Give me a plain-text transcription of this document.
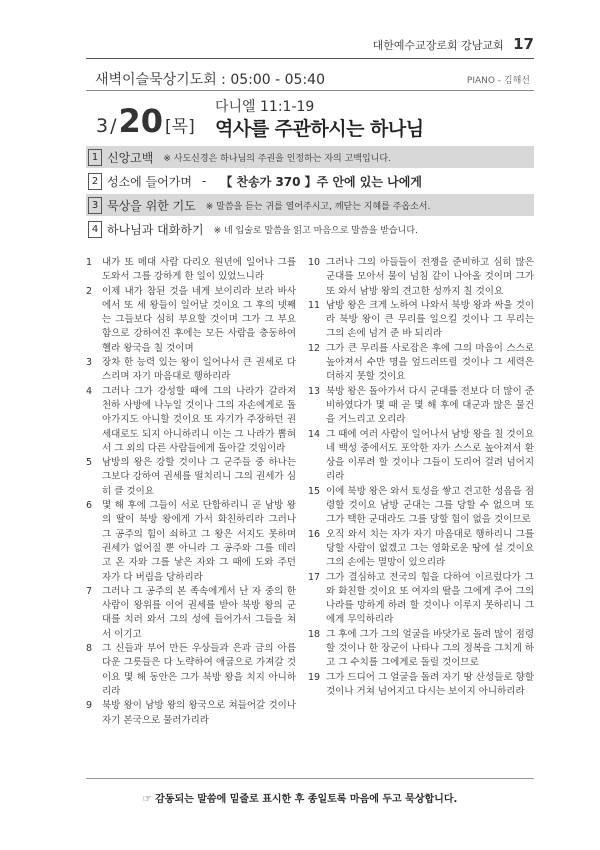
대한예수교장로회 강남교회 17
새벽이슬묵상기도회 : 05:00 - 05:40	PIANO - 김해선
3 / 20 [목]
다니엘 11:1-19
역사를 주관하시는 하나님
1 신앙고백 ※ 사도신경은 하나님의 주권을 인정하는 자의 고백입니다.
2 성소에 들어가며 - 【 찬송가 370 】주 안에 있는 나에게
3 묵상을 위한 기도 ※ 말씀을 듣는 귀를 열어주시고, 깨닫는 지혜를 주옵소서.
4 하나님과 대화하기 ※ 네 입술로 말씀을 읽고 마음으로 말씀을 받습니다.
1	내가 또 메대 사람 다리오 원년에 일어나 그를 도와서 그를 강하게 한 일이 있었느니라
2	이제 내가 참된 것을 네게 보이리라 보라 바사에서 또 세 왕들이 일어날 것이요 그 후의 넷째는 그들보다 심히 부요할 것이며 그가 그 부요함으로 강하여진 후에는 모든 사람을 충동하여 헬라 왕국을 칠 것이며
3	장차 한 능력 있는 왕이 일어나서 큰 권세로 다스리며 자기 마음대로 행하리라
4	그러나 그가 강성할 때에 그의 나라가 갈라져 천하 사방에 나누일 것이나 그의 자손에게로 돌아가지도 아니할 것이요 또 자기가 주장하던 권세대로도 되지 아니하리니 이는 그 나라가 뽑혀서 그 외의 다른 사람들에게 돌아갈 것임이라
5	남방의 왕은 강할 것이나 그 군주들 중 하나는 그보다 강하여 권세를 떨치리니 그의 권세가 심히 클 것이요
6	몇 해 후에 그들이 서로 단합하리니 곧 남방 왕의 딸이 북방 왕에게 가서 화친하리라 그러나 그 공주의 힘이 쇠하고 그 왕은 서지도 못하며 권세가 없어질 뿐 아니라 그 공주와 그를 데리고 온 자와 그를 낳은 자와 그 때에 도와 주던 자가 다 버림을 당하리라
7	그러나 그 공주의 본 족속에게서 난 자 중의 한 사람이 왕위를 이어 권세를 받아 북방 왕의 군대를 치러 와서 그의 성에 들어가서 그들을 쳐서 이기고
8	그 신들과 부어 만든 우상들과 은과 금의 아름다운 그릇들은 다 노략하여 애굽으로 가져갈 것이요 몇 해 동안은 그가 북방 왕을 치지 아니하리라
9	북방 왕이 남방 왕의 왕국으로 쳐들어갈 것이나 자기 본국으로 물러가리라
10 그러나 그의 아들들이 전쟁을 준비하고 심히 많은 군대를 모아서 물이 넘침 같이 나아올 것이며 그가 또 와서 남방 왕의 견고한 성까지 칠 것이요
11 남방 왕은 크게 노하여 나와서 북방 왕과 싸울 것이라 북방 왕이 큰 무리를 일으킬 것이나 그 무리는 그의 손에 넘겨 준 바 되리라
12 그가 큰 무리를 사로잡은 후에 그의 마음이 스스로 높아져서 수만 명을 엎드러뜨릴 것이나 그 세력은 더하지 못할 것이요
13 북방 왕은 돌아가서 다시 군대를 전보다 더 많이 준비하였다가 몇 때 곧 몇 해 후에 대군과 많은 물건을 거느리고 오리라
14 그 때에 여러 사람이 일어나서 남방 왕을 칠 것이요 네 백성 중에서도 포악한 자가 스스로 높아져서 환상을 이루려 할 것이나 그들이 도리어 걸려 넘어지리라
15 이에 북방 왕은 와서 토성을 쌓고 견고한 성읍을 점령할 것이요 남방 군대는 그를 당할 수 없으며 또 그가 택한 군대라도 그를 당할 힘이 없을 것이므로
16 오직 와서 치는 자가 자기 마음대로 행하리니 그를 당할 사람이 없겠고 그는 영화로운 땅에 설 것이요 그의 손에는 멸망이 있으리라
17 그가 결심하고 전국의 힘을 다하여 이르렀다가 그와 화친할 것이요 또 여자의 딸을 그에게 주어 그의 나라를 망하게 하려 할 것이나 이루지 못하리니 그에게 무익하리라
18 그 후에 그가 그의 얼굴을 바닷가로 돌려 많이 점령할 것이나 한 장군이 나타나 그의 정복을 그치게 하고 그 수치를 그에게로 돌릴 것이므로
19 그가 드디어 그 얼굴을 돌려 자기 땅 산성들로 향할 것이나 거쳐 넘어지고 다시는 보이지 아니하리라
☞ 감동되는 말씀에 밑줄로 표시한 후 종일토록 마음에 두고 묵상합니다.
